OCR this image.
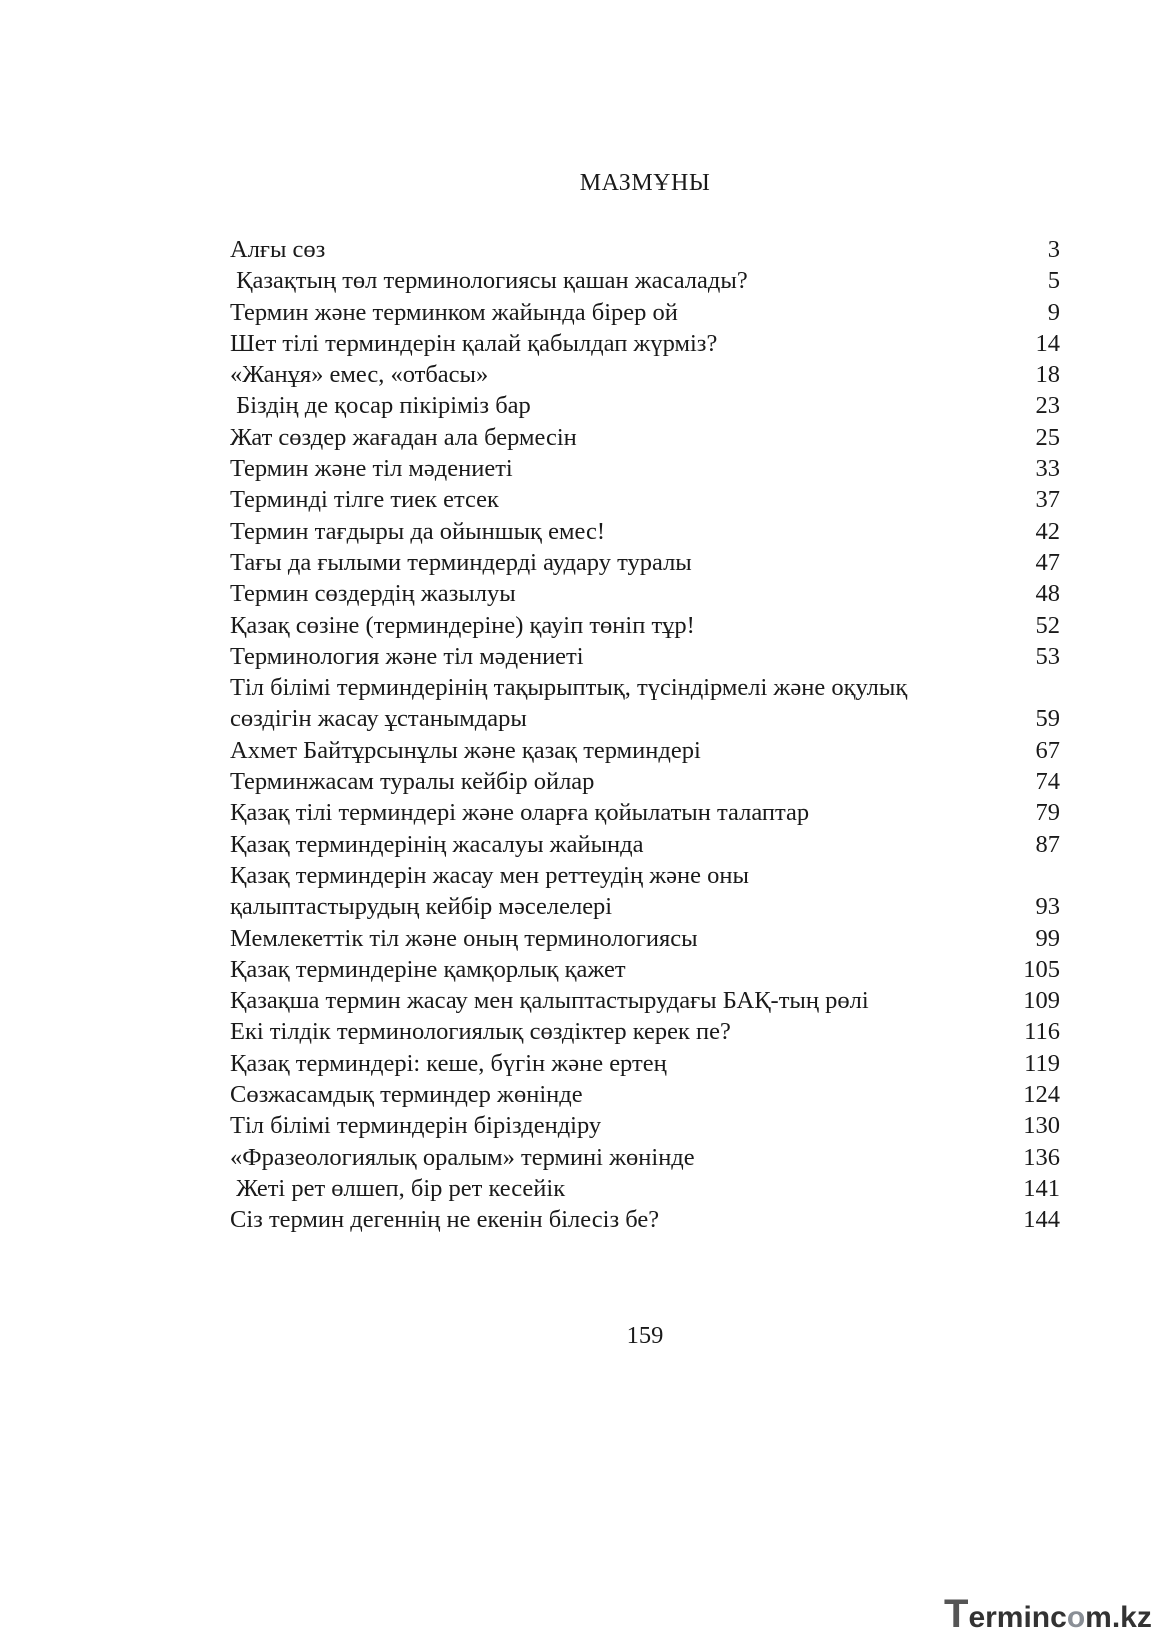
МАЗМҰНЫ
Алғы сөз	3
Қазақтың төл терминологиясы қашан жасалады?	5
Термин және терминком жайында бірер ой	9
Шет тілі терминдерін қалай қабылдап жүрміз?	14
«Жанұя» емес, «отбасы»	18
Біздің де қосар пікіріміз бар	23
Жат сөздер жағадан ала бермесін	25
Термин және тіл мәдениеті	33
Терминді тілге тиек етсек	37
Термин тағдыры да ойыншық емес!	42
Тағы да ғылыми терминдерді аудару туралы	47
Термин сөздердің жазылуы	48
Қазақ сөзіне (терминдеріне) қауіп төніп тұр!	52
Терминология және тіл мәдениеті	53
Тіл білімі терминдерінің тақырыптық, түсіндірмелі және оқулық
сөздігін жасау ұстанымдары	59
Ахмет Байтұрсынұлы және қазақ терминдері	67
Терминжасам туралы кейбір ойлар	74
Қазақ тілі терминдері және оларға қойылатын талаптар	79
Қазақ терминдерінің жасалуы жайында	87
Қазақ терминдерін жасау мен реттеудің және оны
қалыптастырудың кейбір мәселелері	93
Мемлекеттік тіл және оның терминологиясы	99
Қазақ терминдеріне қамқорлық қажет	105
Қазақша термин жасау мен қалыптастырудағы БАҚ-тың рөлі	109
Екі тілдік терминологиялық сөздіктер керек пе?	116
Қазақ терминдері: кеше, бүгін және ертең	119
Сөзжасамдық терминдер жөнінде	124
Тіл білімі терминдерін біріздендіру	130
«Фразеологиялық оралым» термині жөнінде	136
Жеті рет өлшеп, бір рет кесейік	141
Сіз термин дегеннің не екенін білесіз бе?	144
159
Termincom.kz
